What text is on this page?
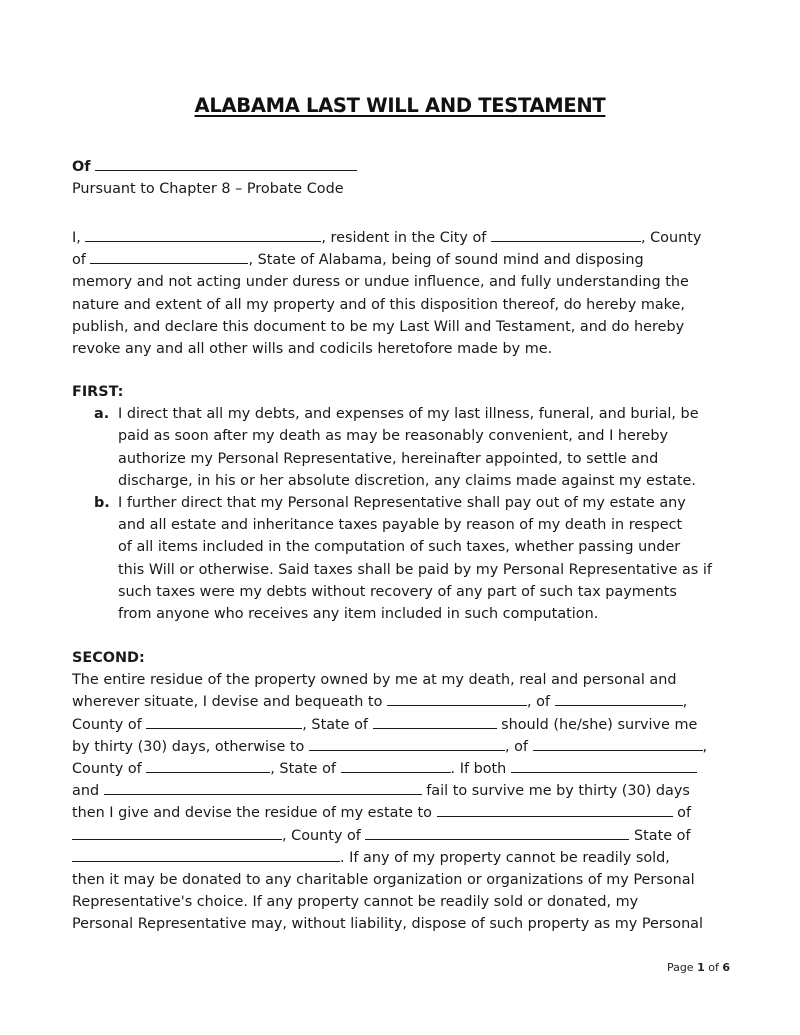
ALABAMA LAST WILL AND TESTAMENT
Of
Pursuant to Chapter 8 – Probate Code
I,	, resident in the City of	, County
of	, State of Alabama, being of sound mind and disposing
memory and not acting under duress or undue influence, and fully understanding the
nature and extent of all my property and of this disposition thereof, do hereby make,
publish, and declare this document to be my Last Will and Testament, and do hereby
revoke any and all other wills and codicils heretofore made by me.
FIRST:
a. I direct that all my debts, and expenses of my last illness, funeral, and burial, be
paid as soon after my death as may be reasonably convenient, and I hereby
authorize my Personal Representative, hereinafter appointed, to settle and
discharge, in his or her absolute discretion, any claims made against my estate.
b. I further direct that my Personal Representative shall pay out of my estate any
and all estate and inheritance taxes payable by reason of my death in respect
of all items included in the computation of such taxes, whether passing under
this Will or otherwise. Said taxes shall be paid by my Personal Representative as if
such taxes were my debts without recovery of any part of such tax payments
from anyone who receives any item included in such computation.
SECOND:
The entire residue of the property owned by me at my death, real and personal and
wherever situate, I devise and bequeath to	, of	,
County of	, State of	should (he/she) survive me
by thirty (30) days, otherwise to	, of	,
County of	, State of	. If both
and	fail to survive me by thirty (30) days
then I give and devise the residue of my estate to	of
, County of	State of
. If any of my property cannot be readily sold,
then it may be donated to any charitable organization or organizations of my Personal
Representative's choice. If any property cannot be readily sold or donated, my
Personal Representative may, without liability, dispose of such property as my Personal
Page 1 of 6
